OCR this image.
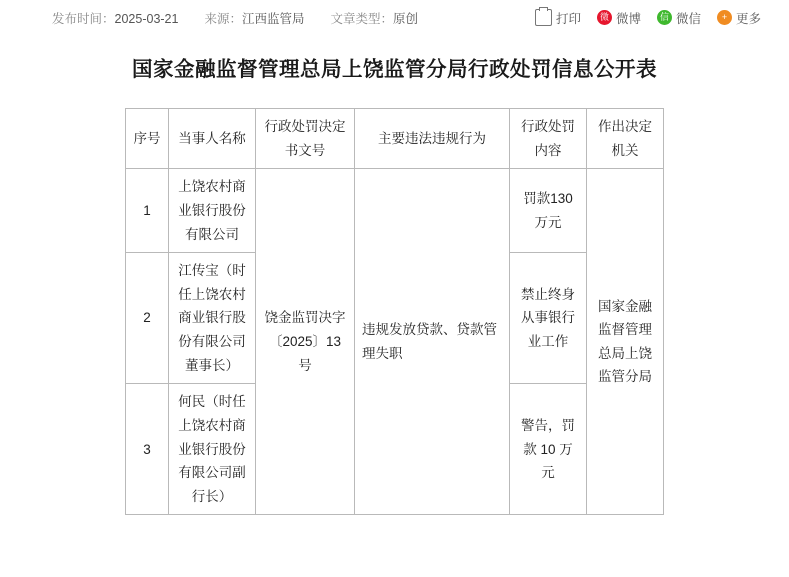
发布时间：2025-03-21 来源：江西监管局 文章类型：原创	打印	微 微博	信 微信	+ 更多
国家金融监督管理总局上饶监管分局行政处罚信息公开表
序号	当事人名称	行政处罚决定书文号	主要违法违规行为	行政处罚内容	作出决定机关
1	上饶农村商业银行股份有限公司	饶金监罚决字〔2025〕13号	违规发放贷款、贷款管理失职	罚款130万元	国家金融监督管理总局上饶监管分局
2	江传宝（时任上饶农村商业银行股份有限公司董事长）			禁止终身从事银行业工作	
3	何民（时任上饶农村商业银行股份有限公司副行长）			警告，罚款 10 万元	
